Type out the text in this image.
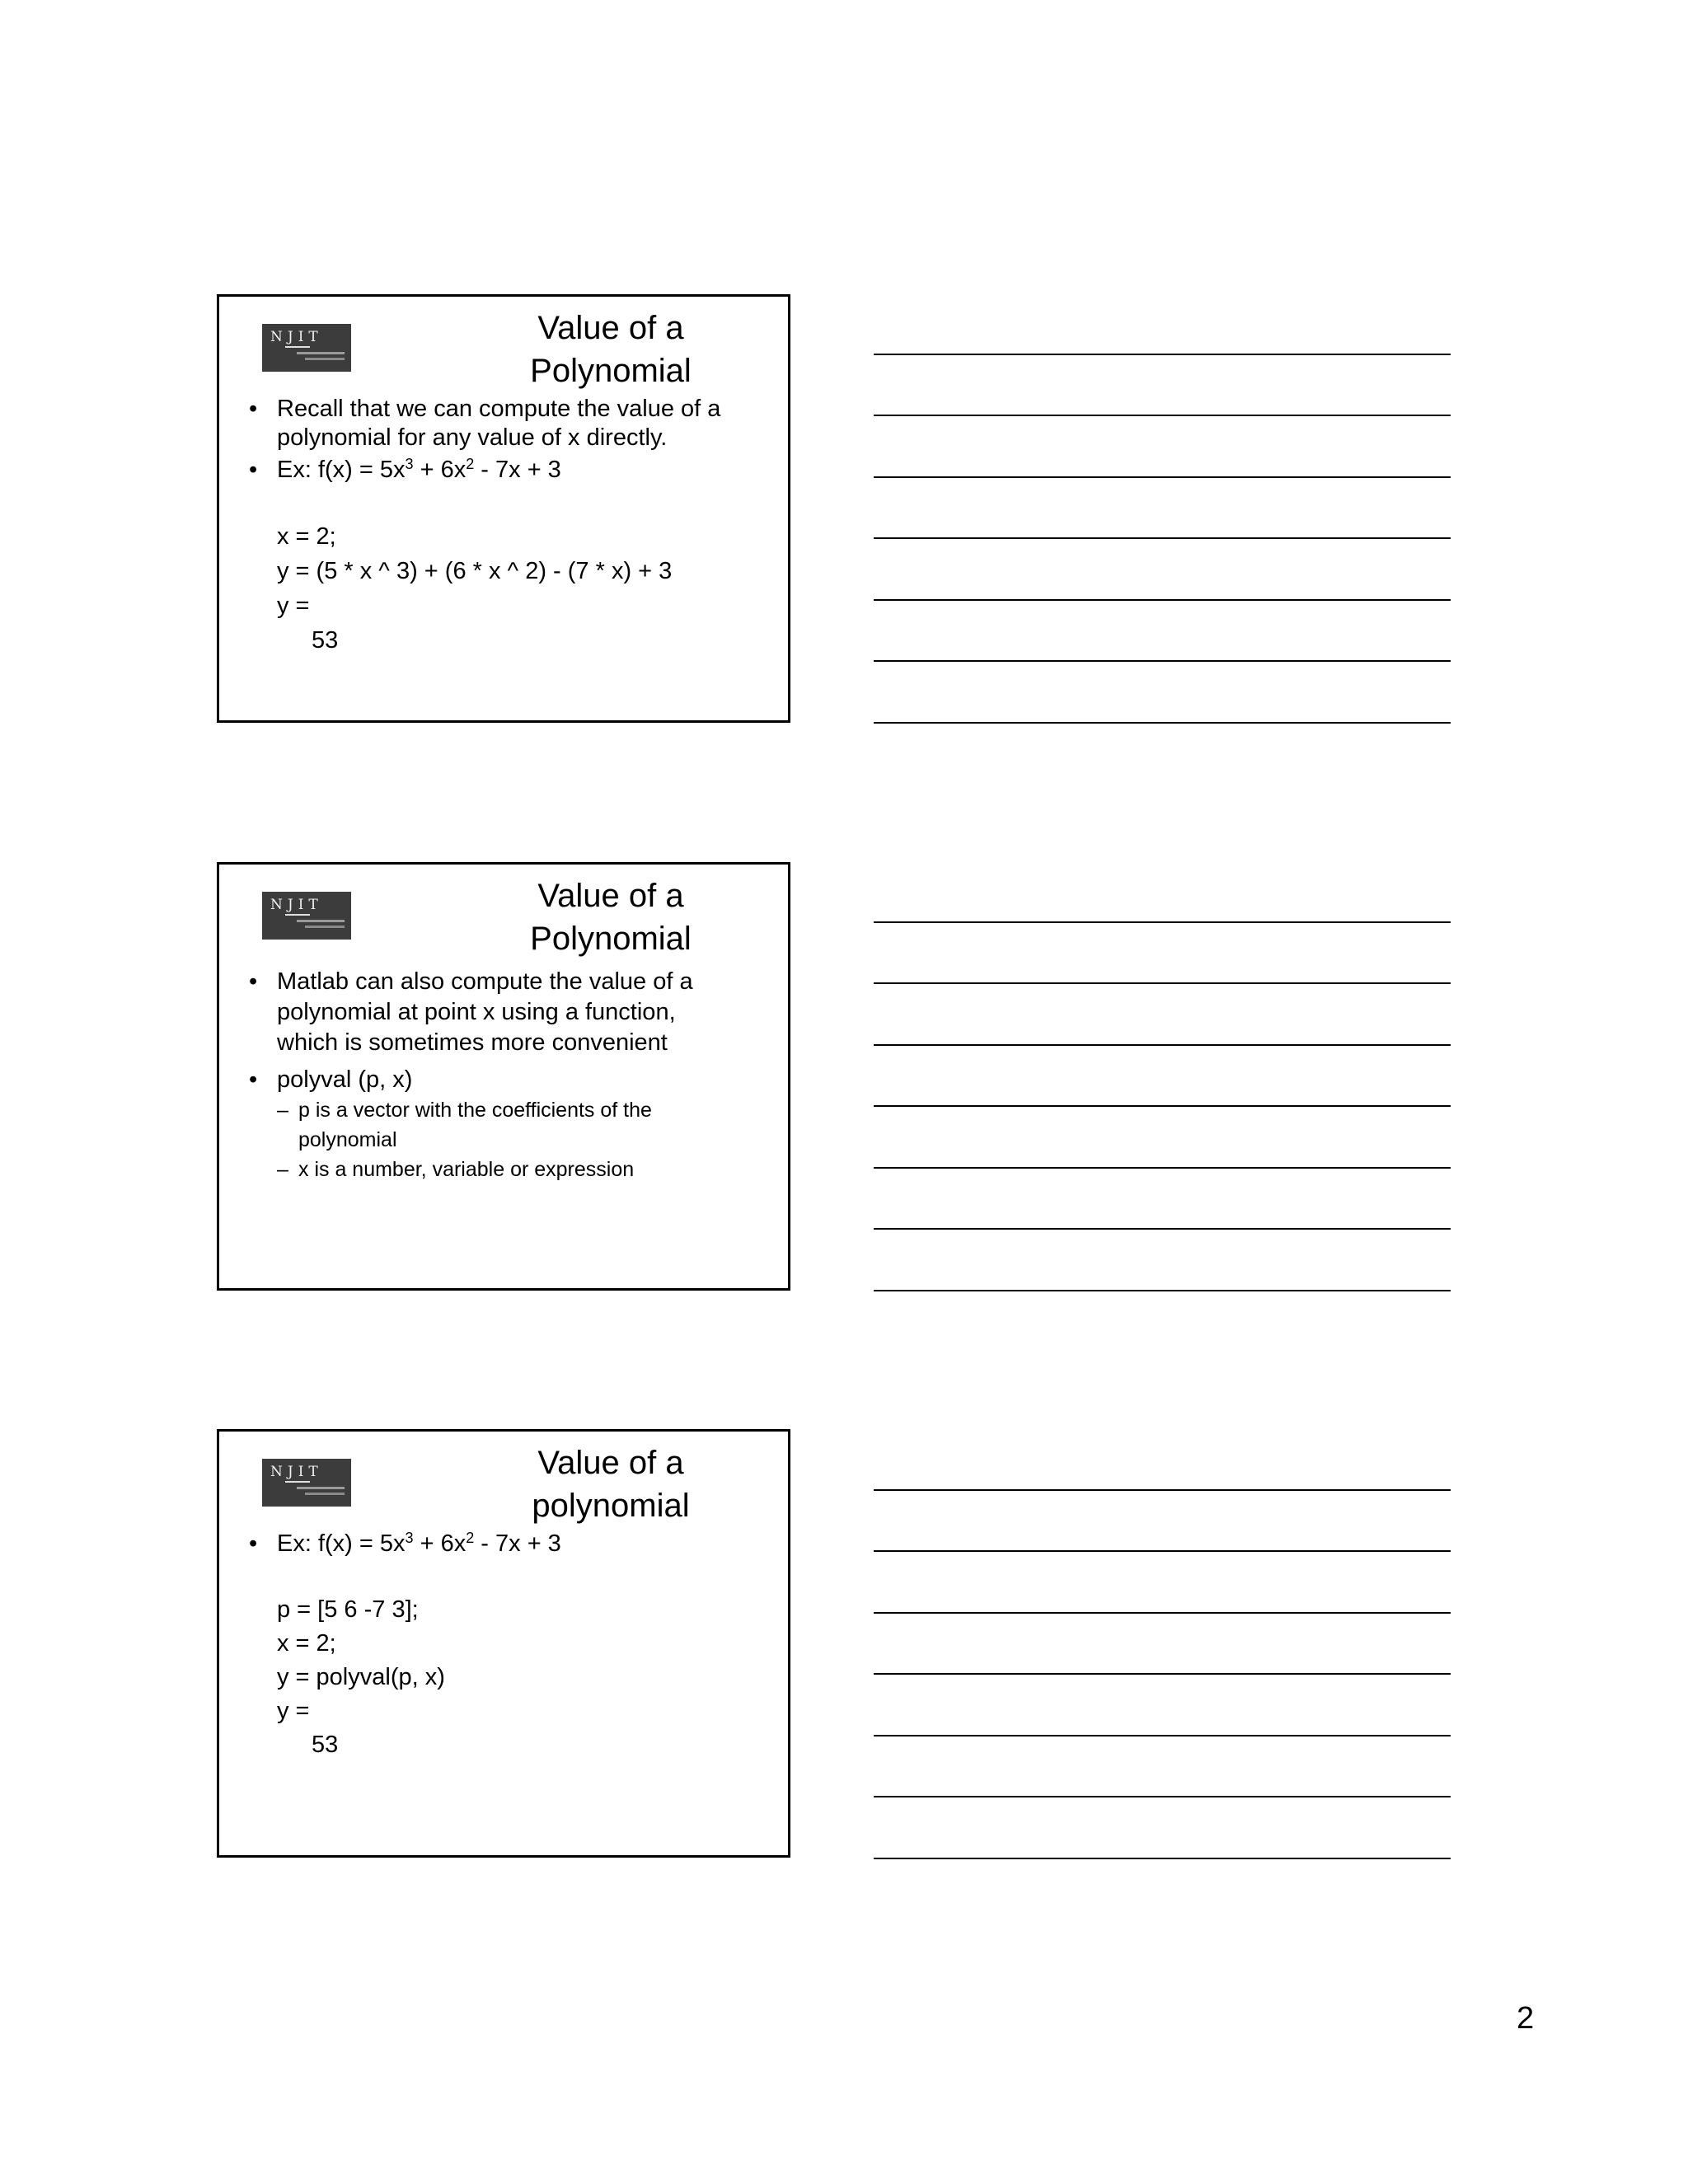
NJIT	Value of a
Polynomial
• Recall that we can compute the value of a
polynomial for any value of x directly.
• Ex: $f(x) = 5x^3 + 6x^2 - 7x + 3$
x = 2;
y = (5 * x ^ 3) + (6 * x ^ 2) - (7 * x) + 3
y =
53
NJIT	Value of a
Polynomial
• Matlab can also compute the value of a
polynomial at point x using a function,
which is sometimes more convenient
• polyval (p, x)
– p is a vector with the coefficients of the
polynomial
– x is a number, variable or expression
NJIT	Value of a
polynomial
• Ex: $f(x) = 5x^3 + 6x^2 - 7x + 3$
p = [5 6 -7 3];
x = 2;
y = polyval(p, x)
y =
53
2
